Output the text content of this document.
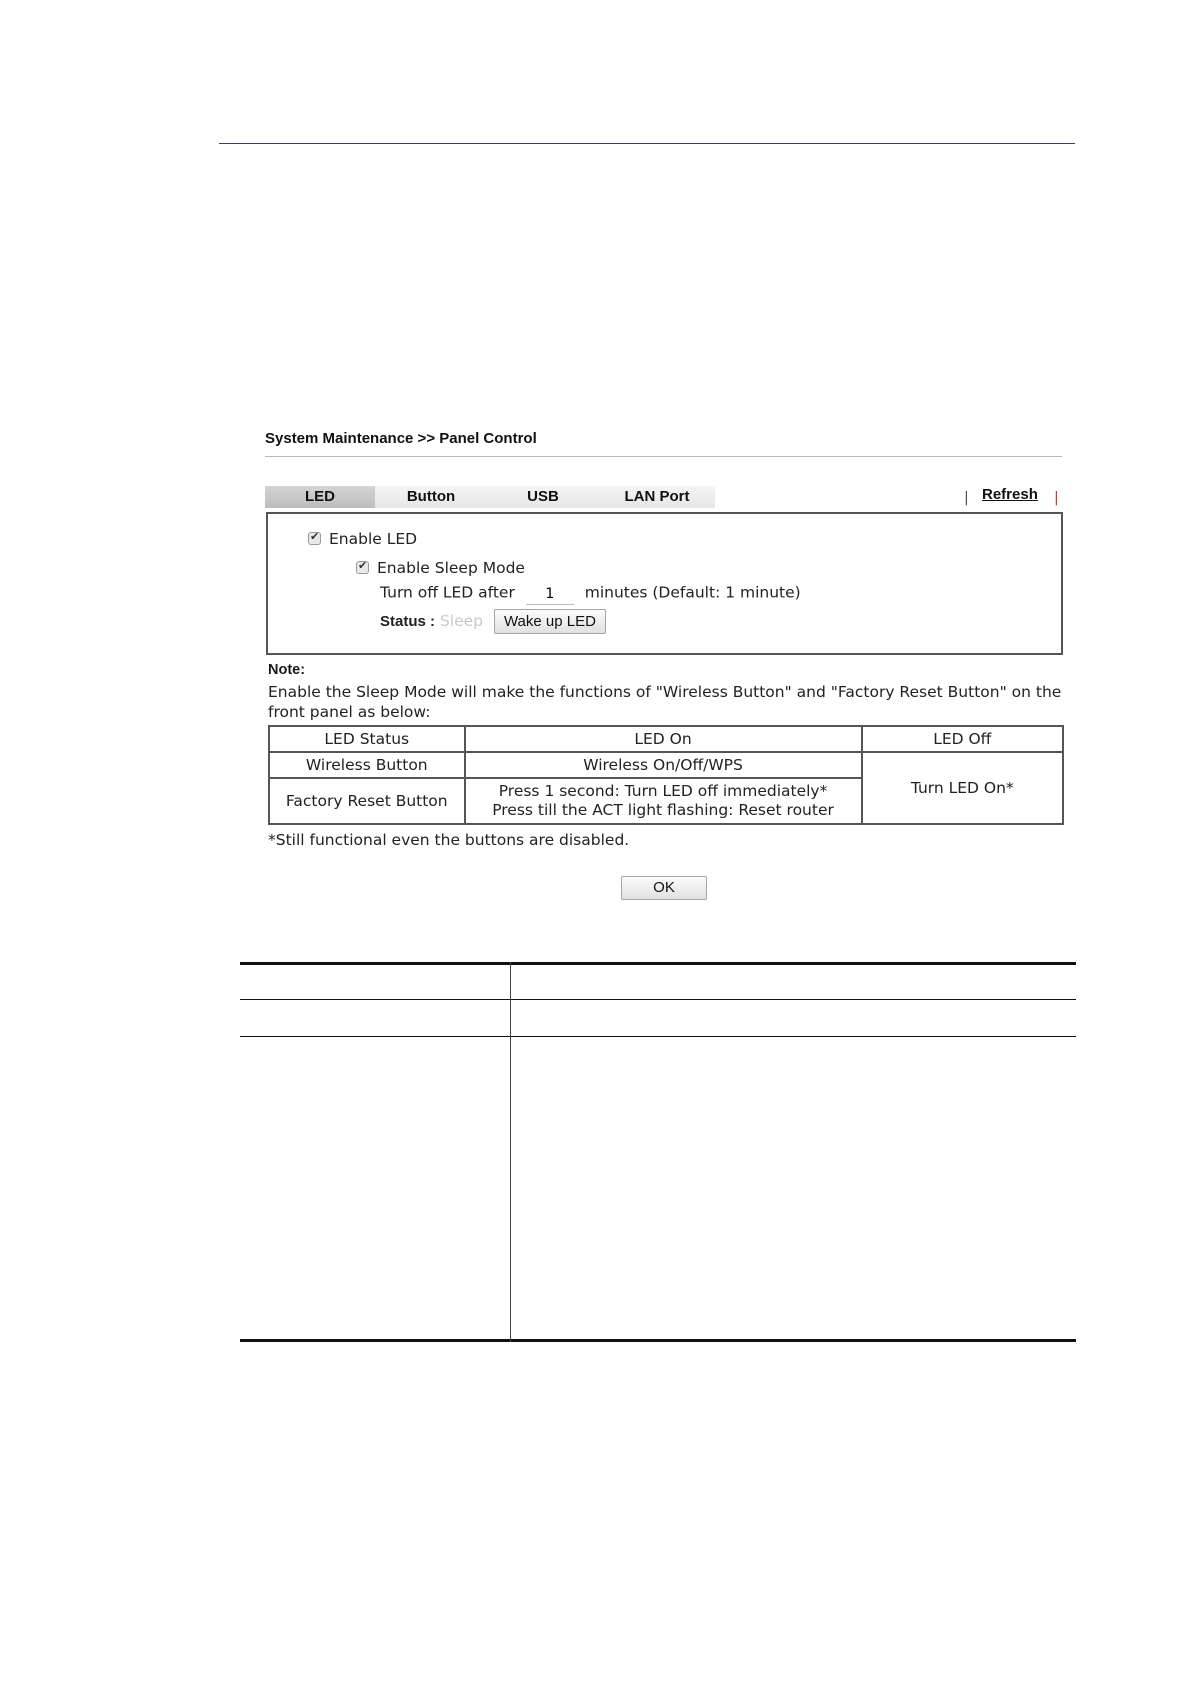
System Maintenance >> Panel Control
LED	Button	USB	LAN Port	| Refresh |
✔Enable LED
✔Enable Sleep Mode
Turn off LED after 1	minutes (Default: 1 minute)
Status : Sleep Wake up LED
Note:
Enable the Sleep Mode will make the functions of "Wireless Button" and "Factory Reset Button" on the front panel as below:
LED Status	LED On	LED Off
Wireless Button	Wireless On/Off/WPS	Turn LED On*
Factory Reset Button	Press 1 second: Turn LED off immediately*
Press till the ACT light flashing: Reset router	
*Still functional even the buttons are disabled.
OK
